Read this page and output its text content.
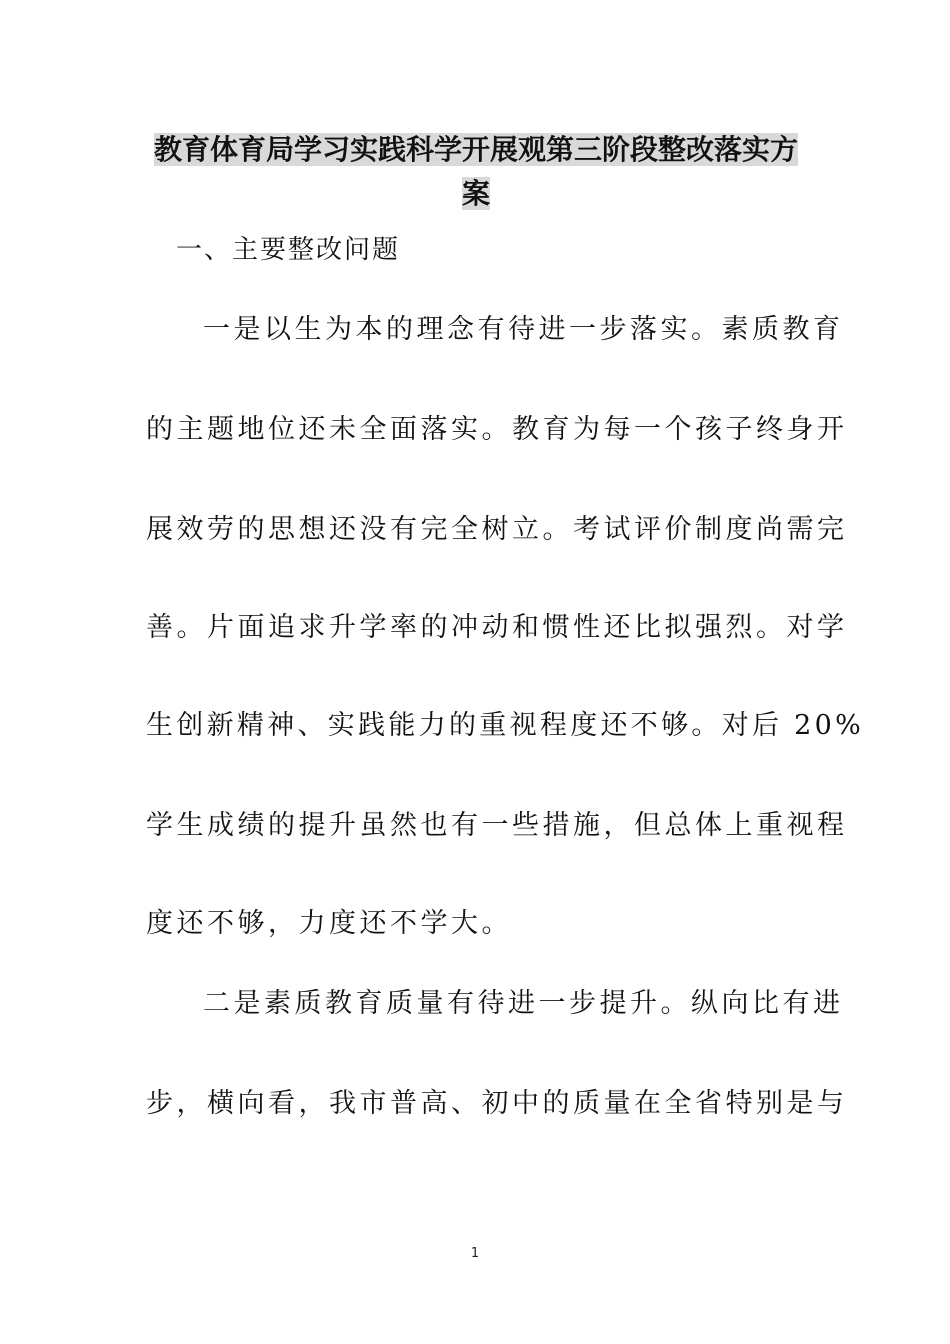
教育体育局学习实践科学开展观第三阶段整改落实方
案
一、主要整改问题
一是以生为本的理念有待进一步落实。素质教育
的主题地位还未全面落实。教育为每一个孩子终身开
展效劳的思想还没有完全树立。考试评价制度尚需完
善。片面追求升学率的冲动和惯性还比拟强烈。对学
生创新精神、实践能力的重视程度还不够。对后 20%
学生成绩的提升虽然也有一些措施，但总体上重视程
度还不够，力度还不学大。
二是素质教育质量有待进一步提升。纵向比有进
步，横向看，我市普高、初中的质量在全省特别是与
1
